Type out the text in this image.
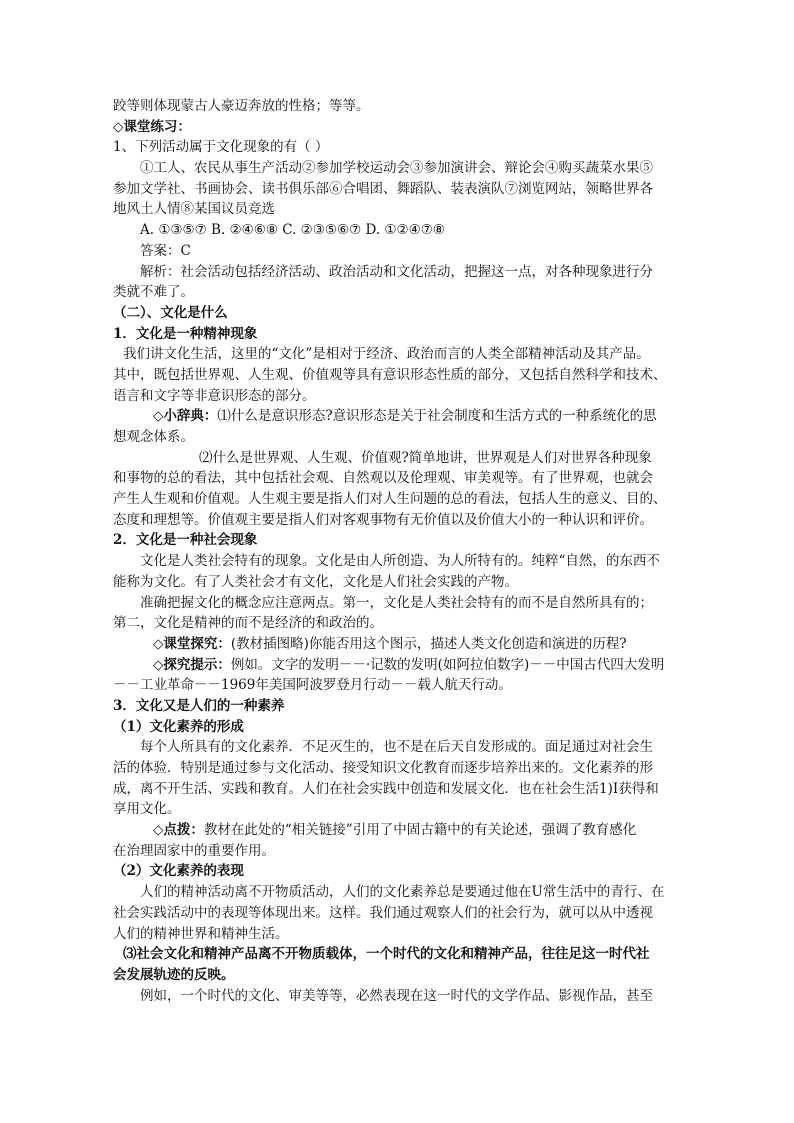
跤等则体现蒙古人豪迈奔放的性格；等等。
◇课堂练习：
1、下列活动属于文化现象的有（ ）
①工人、农民从事生产活动②参加学校运动会③参加演讲会、辩论会④购买蔬菜水果⑤
参加文学社、书画协会、读书俱乐部⑥合唱团、舞蹈队、装表演队⑦浏览网站，领略世界各
地风土人情⑧某国议员竞选
A. ①③⑤⑦ B. ②④⑥⑧ C. ②③⑤⑥⑦ D. ①②④⑦⑧
答案：C
解析：社会活动包括经济活动、政治活动和文化活动，把握这一点，对各种现象进行分
类就不难了。
（二）、文化是什么
1．文化是一种精神现象
我们讲文化生活，这里的“文化”是相对于经济、政治而言的人类全部精神活动及其产品。
其中，既包括世界观、人生观、价值观等具有意识形态性质的部分，又包括自然科学和技术、
语言和文字等非意识形态的部分。
◇小辞典：⑴什么是意识形态?意识形态是关于社会制度和生活方式的一种系统化的思
想观念体系。
⑵什么是世界观、人生观、价值观?简单地讲，世界观是人们对世界各种现象
和事物的总的看法，其中包括社会观、自然观以及伦理观、审美观等。有了世界观，也就会
产生人生观和价值观。人生观主要是指人们对人生问题的总的看法，包括人生的意义、目的、
态度和理想等。价值观主要是指人们对客观事物有无价值以及价值大小的一种认识和评价。
2．文化是一种社会现象
文化是人类社会特有的现象。文化是由人所创造、为人所特有的。纯粹“自然，的东西不
能称为文化。有了人类社会才有文化，文化是人们社会实践的产物。
准确把握文化的概念应注意两点。第一，文化是人类社会特有的而不是自然所具有的；
第二，文化是精神的而不是经济的和政治的。
◇课堂探究：(教材插图略)你能否用这个图示，描述人类文化创造和演进的历程?
◇探究提示：例如。文字的发明－－·记数的发明(如阿拉伯数字)－－中国古代四大发明
－－工业革命－－1969年美国阿波罗登月行动－－载人航天行动。
3．文化又是人们的一种素养
（1）文化素养的形成
每个人所具有的文化素养．不足灭生的，也不是在后天自发形成的。面足通过对社会生
活的体验．特别是通过参与文化活动、接受知识文化教育而逐步培养出来的。文化素养的形
成，离不开生活、实践和教育。人们在社会实践中创造和发展文化．也在社会生活1)I获得和
享用文化。
◇点拨：教材在此处的“相关链接”引用了中固古籍中的有关论述，强调了教育感化
在治理固家中的重要作用。
（2）文化素养的表现
人们的精神活动离不开物质活动，人们的文化素养总是要通过他在U常生活中的青行、在
社会实践活动中的表现等体现出来。这样。我们通过观察人们的社会行为，就可以从中透视
人们的精神世界和精神生活。
⑶社会文化和精神产品离不开物质载体，一个时代的文化和精神产品，往往足这一时代社
会发展轨迹的反映。
例如，一个时代的文化、审美等等，必然表现在这一时代的文学作品、影视作品，甚至
